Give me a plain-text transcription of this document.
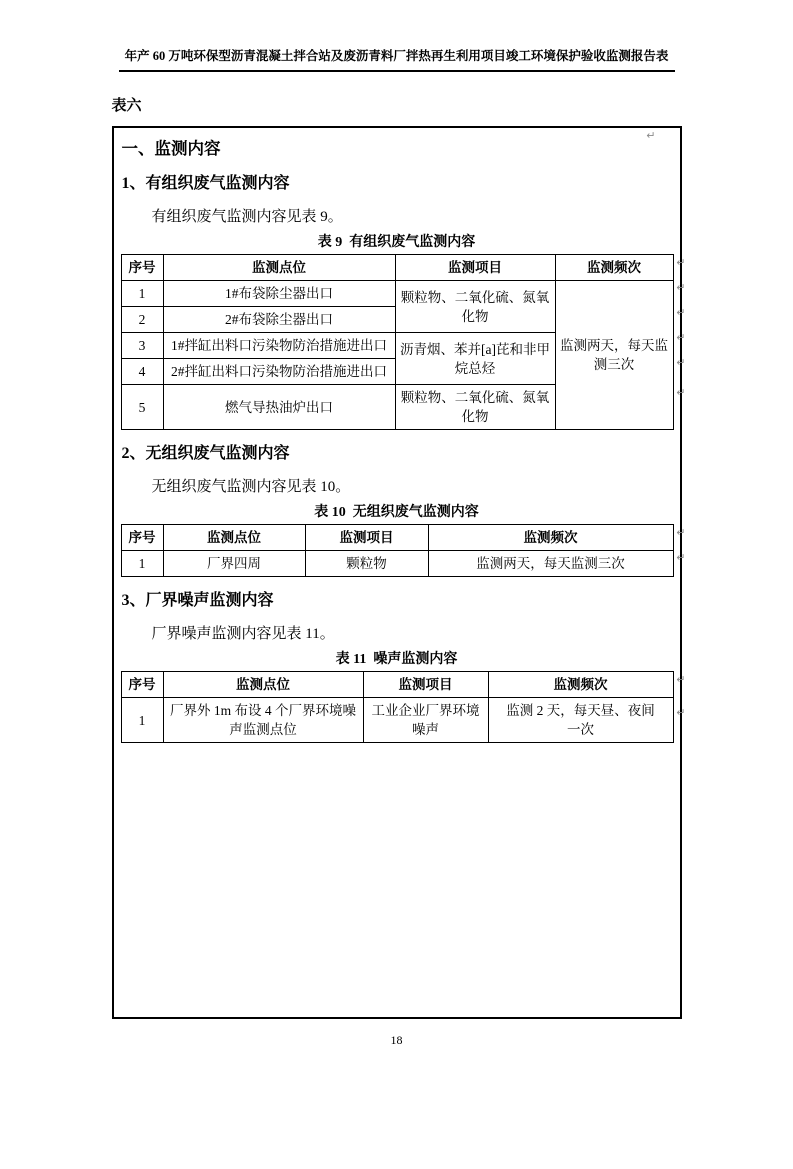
年产 60 万吨环保型沥青混凝土拌合站及废沥青料厂拌热再生利用项目竣工环境保护验收监测报告表
表六
↵
一、监测内容
1、有组织废气监测内容
有组织废气监测内容见表 9。
表 9  有组织废气监测内容
序号	监测点位	监测项目	监测频次
1	1#布袋除尘器出口	颗粒物、二氧化硫、氮氧化物	监测两天，每天监测三次
2	2#布袋除尘器出口		
3	1#拌缸出料口污染物防治措施进出口	沥青烟、苯并[a]芘和非甲烷总烃	
4	2#拌缸出料口污染物防治措施进出口		
5	燃气导热油炉出口	颗粒物、二氧化硫、氮氧化物	
↵
↵
↵
↵
↵
↵
2、无组织废气监测内容
无组织废气监测内容见表 10。
表 10  无组织废气监测内容
序号	监测点位	监测项目	监测频次
1	厂界四周	颗粒物	监测两天，每天监测三次
↵
↵
3、厂界噪声监测内容
厂界噪声监测内容见表 11。
表 11  噪声监测内容
序号	监测点位	监测项目	监测频次
1	厂界外 1m 布设 4 个厂界环境噪声监测点位	工业企业厂界环境噪声	监测 2 天，每天昼、夜间一次
↵
↵
18
